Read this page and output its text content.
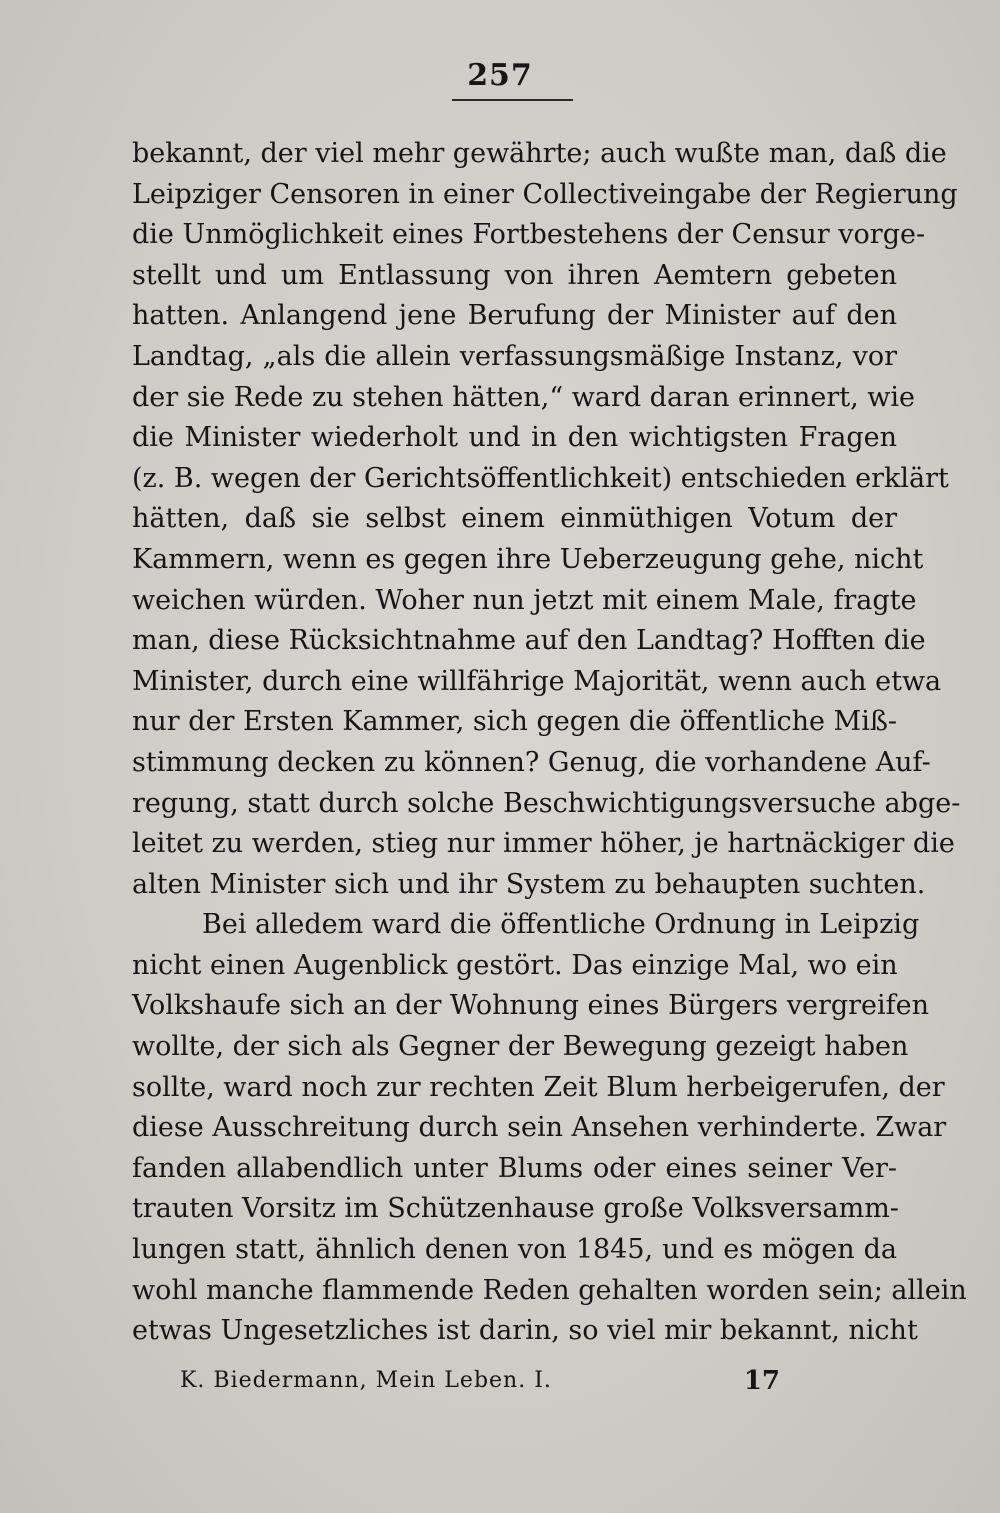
257
bekannt, der viel mehr gewährte; auch wußte man, daß die
Leipziger Censoren in einer Collectiveingabe der Regierung
die Unmöglichkeit eines Fortbestehens der Censur vorge-
stellt und um Entlassung von ihren Aemtern gebeten
hatten. Anlangend jene Berufung der Minister auf den
Landtag, „als die allein verfassungsmäßige Instanz, vor
der sie Rede zu stehen hätten,“ ward daran erinnert, wie
die Minister wiederholt und in den wichtigsten Fragen
(z. B. wegen der Gerichtsöffentlichkeit) entschieden erklärt
hätten, daß sie selbst einem einmüthigen Votum der
Kammern, wenn es gegen ihre Ueberzeugung gehe, nicht
weichen würden. Woher nun jetzt mit einem Male, fragte
man, diese Rücksichtnahme auf den Landtag? Hofften die
Minister, durch eine willfährige Majorität, wenn auch etwa
nur der Ersten Kammer, sich gegen die öffentliche Miß-
stimmung decken zu können? Genug, die vorhandene Auf-
regung, statt durch solche Beschwichtigungsversuche abge-
leitet zu werden, stieg nur immer höher, je hartnäckiger die
alten Minister sich und ihr System zu behaupten suchten.
Bei alledem ward die öffentliche Ordnung in Leipzig
nicht einen Augenblick gestört. Das einzige Mal, wo ein
Volkshaufe sich an der Wohnung eines Bürgers vergreifen
wollte, der sich als Gegner der Bewegung gezeigt haben
sollte, ward noch zur rechten Zeit Blum herbeigerufen, der
diese Ausschreitung durch sein Ansehen verhinderte. Zwar
fanden allabendlich unter Blums oder eines seiner Ver-
trauten Vorsitz im Schützenhause große Volksversamm-
lungen statt, ähnlich denen von 1845, und es mögen da
wohl manche flammende Reden gehalten worden sein; allein
etwas Ungesetzliches ist darin, so viel mir bekannt, nicht
K. Biedermann, Mein Leben. I.	17
